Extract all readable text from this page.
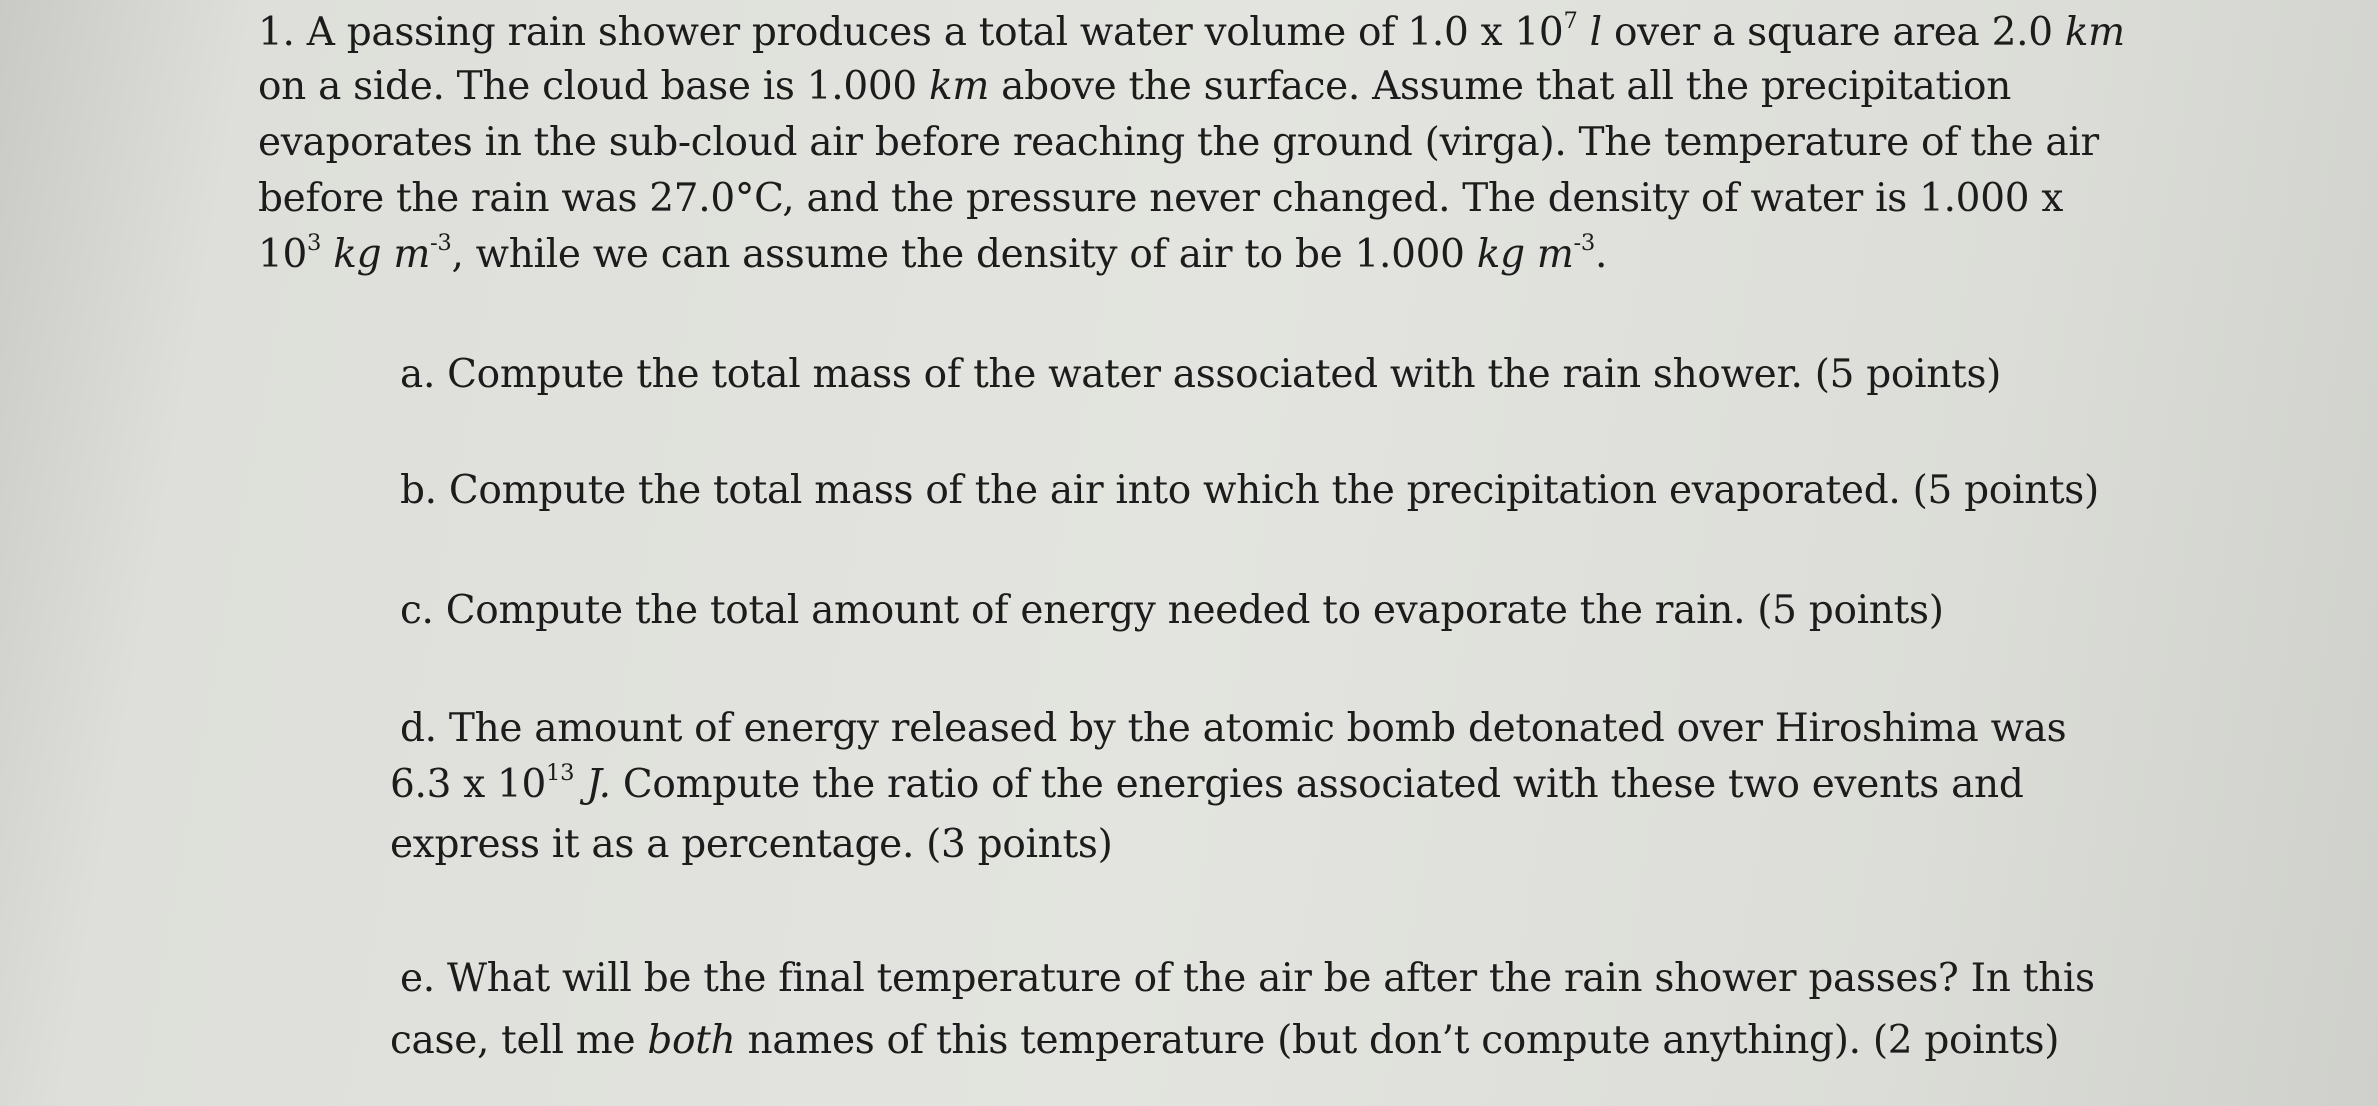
1. A passing rain shower produces a total water volume of 1.0 x $10^7$ l over a square area 2.0 km
on a side. The cloud base is 1.000 km above the surface. Assume that all the precipitation
evaporates in the sub-cloud air before reaching the ground (virga). The temperature of the air
before the rain was 27.0°C, and the pressure never changed. The density of water is 1.000 x
$10^3$ kg $m^{-3}$, while we can assume the density of air to be 1.000 kg $m^{-3}$.
a. Compute the total mass of the water associated with the rain shower. (5 points)
b. Compute the total mass of the air into which the precipitation evaporated. (5 points)
c. Compute the total amount of energy needed to evaporate the rain. (5 points)
d. The amount of energy released by the atomic bomb detonated over Hiroshima was
6.3 x $10^{13}$ J. Compute the ratio of the energies associated with these two events and
express it as a percentage. (3 points)
e. What will be the final temperature of the air be after the rain shower passes? In this
case, tell me both names of this temperature (but don’t compute anything). (2 points)
